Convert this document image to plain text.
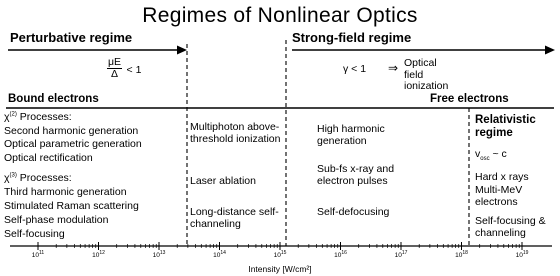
Regimes of Nonlinear Optics
Perturbative regime
$\frac{\mu E}{\Delta} < 1$
Strong-field regime
γ < 1 ⇒ Optical field ionization
Bound electrons	Free electrons
$\chi^{(2)}$ Processes:
Second harmonic generation
Optical parametric generation
Optical rectification
$\chi^{(3)}$ Processes:
Third harmonic generation
Stimulated Raman scattering
Self-phase modulation
Self-focusing
Multiphoton above-threshold ionization
Laser ablation
Long-distance self-channeling
High harmonic generation
Sub-fs x-ray and electron pulses
Self-defocusing
Relativistic regime
$v_{osc}$ ~ c
Hard x rays
Multi-MeV electrons
Self-focusing & channeling
$10^{11}$	$10^{12}$	$10^{13}$	$10^{14}$	$10^{15}$	$10^{16}$	$10^{17}$	$10^{18}$	$10^{19}$
Intensity [W/cm²]
